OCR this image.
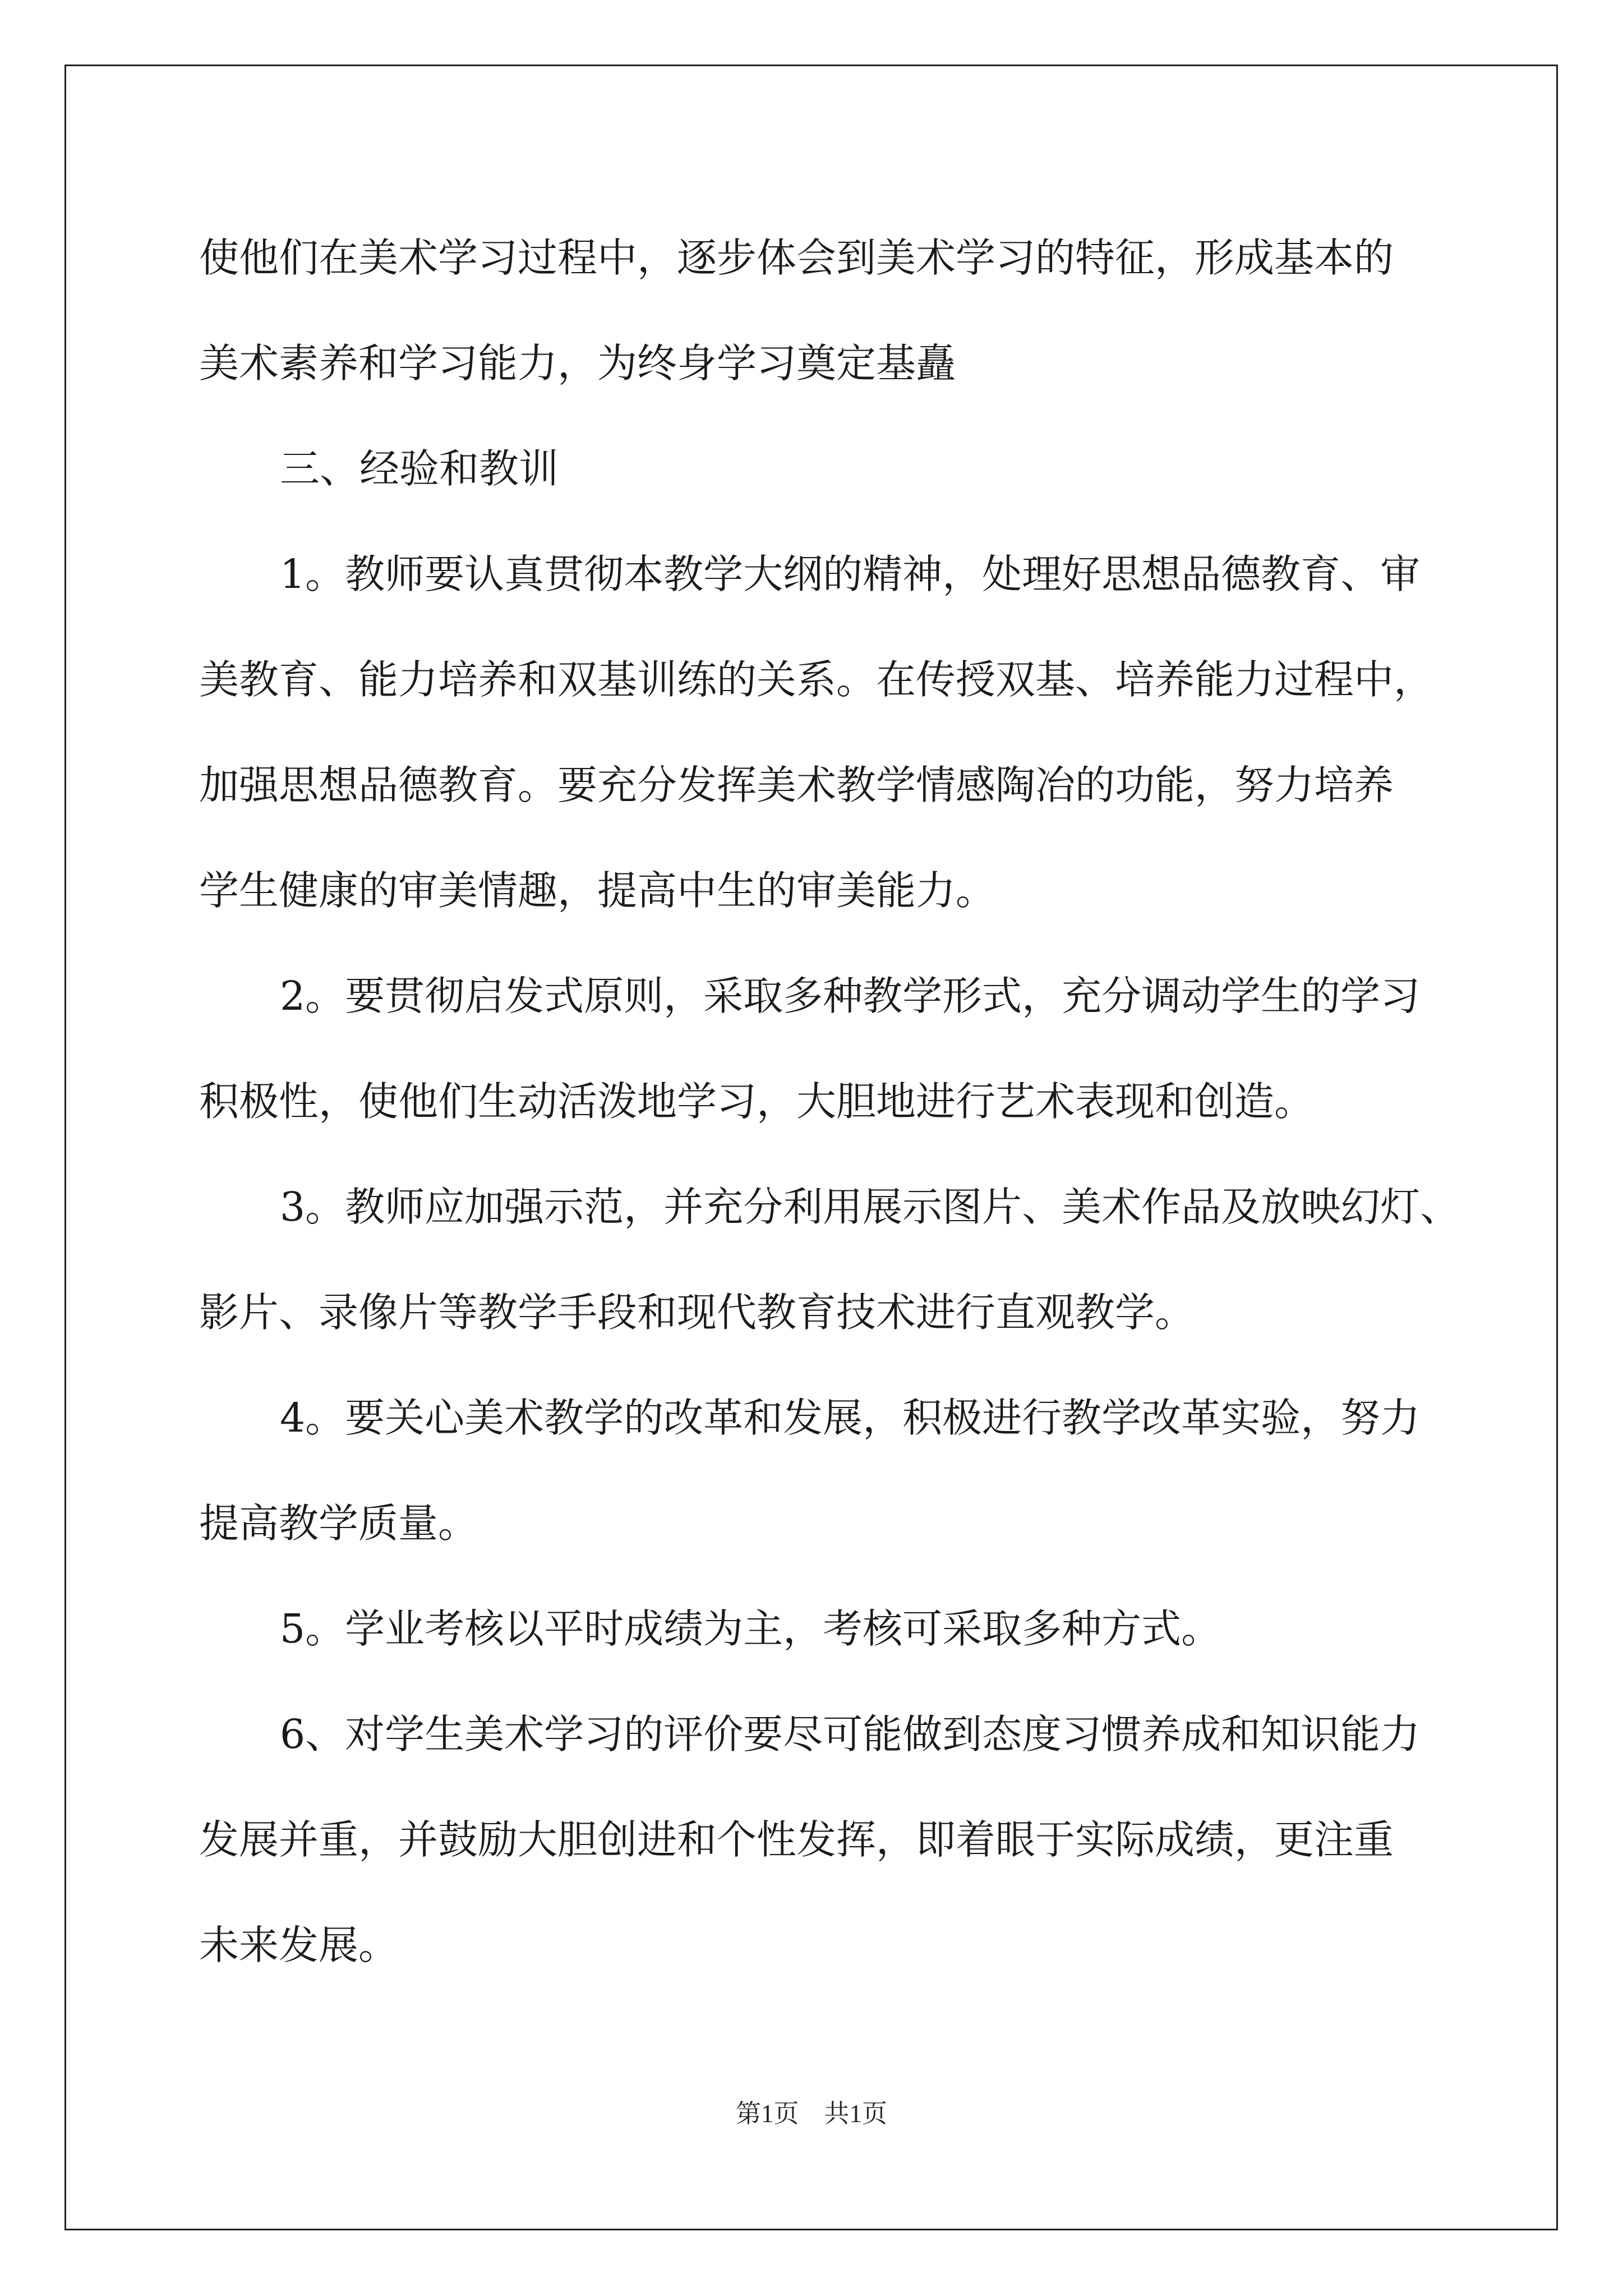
使他们在美术学习过程中，逐步体会到美术学习的特征，形成基本的
美术素养和学习能力，为终身学习奠定基矗

三、经验和教训

1。教师要认真贯彻本教学大纲的精神，处理好思想品德教育、审
美教育、能力培养和双基训练的关系。在传授双基、培养能力过程中，
加强思想品德教育。要充分发挥美术教学情感陶冶的功能，努力培养
学生健康的审美情趣，提高中生的审美能力。

2。要贯彻启发式原则，采取多种教学形式，充分调动学生的学习
积极性，使他们生动活泼地学习，大胆地进行艺术表现和创造。

3。教师应加强示范，并充分利用展示图片、美术作品及放映幻灯、
影片、录像片等教学手段和现代教育技术进行直观教学。

4。要关心美术教学的改革和发展，积极进行教学改革实验，努力
提高教学质量。

5。学业考核以平时成绩为主，考核可采取多种方式。

6、对学生美术学习的评价要尽可能做到态度习惯养成和知识能力
发展并重，并鼓励大胆创进和个性发挥，即着眼于实际成绩，更注重
未来发展。

第1页 共1页
